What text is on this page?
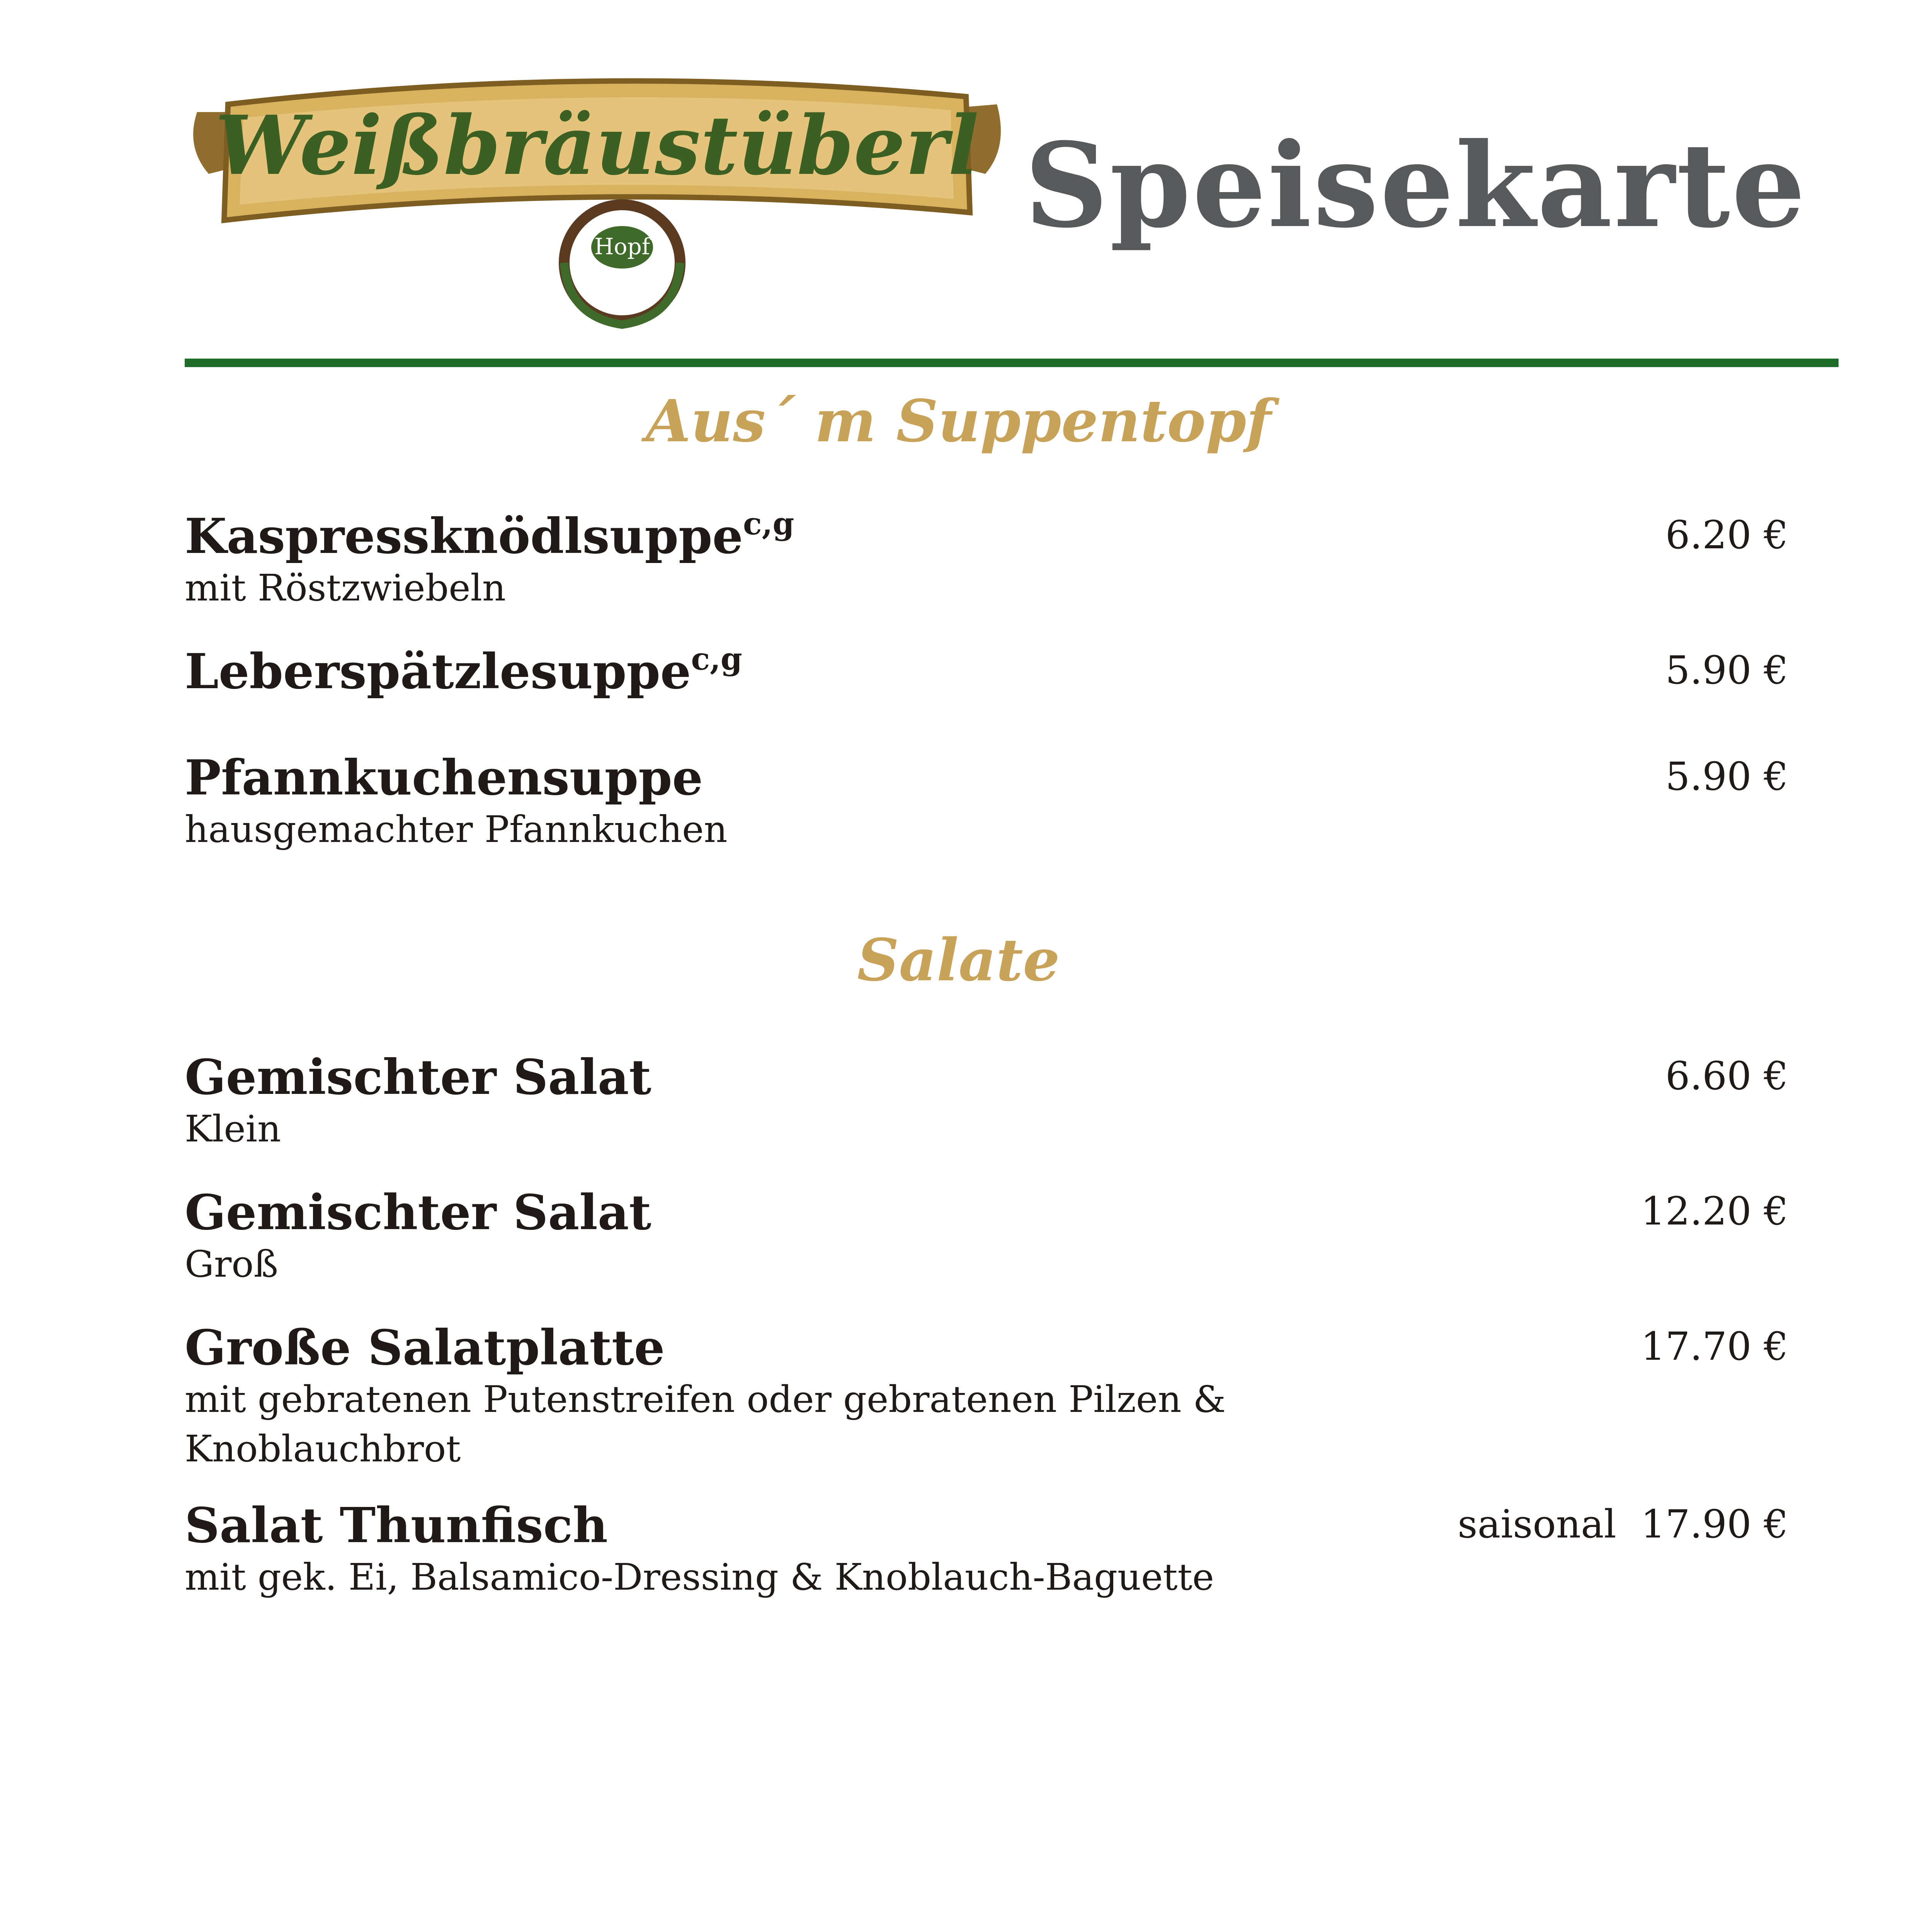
Weißbräustüberl
Hopf	Speisekarte
Aus´ m Suppentopf
Kaspressknödlsuppe$^{c,g}$
mit Röstzwiebeln
6.20 €
Leberspätzlesuppe$^{c,g}$	5.90 €
Pfannkuchensuppe
hausgemachter Pfannkuchen
5.90 €
Salate
Gemischter Salat
Klein
6.60 €
Gemischter Salat
Groß
12.20 €
Große Salatplatte
mit gebratenen Putenstreifen oder gebratenen Pilzen & Knoblauchbrot
17.70 €
Salat Thunfisch
mit gek. Ei, Balsamico-Dressing & Knoblauch-Baguette
saisonal  17.90 €
